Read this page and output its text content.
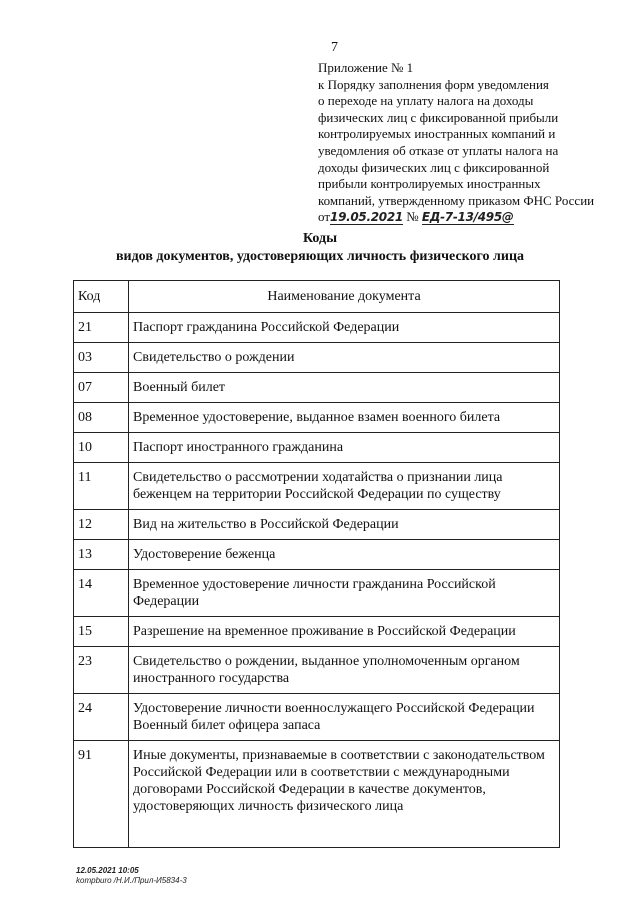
7
Приложение № 1
к Порядку заполнения форм уведомления
о переходе на уплату налога на доходы
физических лиц с фиксированной прибыли
контролируемых иностранных компаний и
уведомления об отказе от уплаты налога на
доходы физических лиц с фиксированной
прибыли контролируемых иностранных
компаний, утвержденному приказом ФНС России
от19.05.2021 № ЕД-7-13/495@
Коды
видов документов, удостоверяющих личность физического лица
Код	Наименование документа
21	Паспорт гражданина Российской Федерации
03	Свидетельство о рождении
07	Военный билет
08	Временное удостоверение, выданное взамен военного билета
10	Паспорт иностранного гражданина
11	Свидетельство о рассмотрении ходатайства о признании лица беженцем на территории Российской Федерации по существу
12	Вид на жительство в Российской Федерации
13	Удостоверение беженца
14	Временное удостоверение личности гражданина Российской Федерации
15	Разрешение на временное проживание в Российской Федерации
23	Свидетельство о рождении, выданное уполномоченным органом иностранного государства
24	Удостоверение личности военнослужащего Российской Федерации Военный билет офицера запаса
91	Иные документы, признаваемые в соответствии с законодательством Российской Федерации или в соответствии с международными договорами Российской Федерации в качестве документов, удостоверяющих личность физического лица
12.05.2021 10:05
kompburo /Н.И./Прил-И5834-3
